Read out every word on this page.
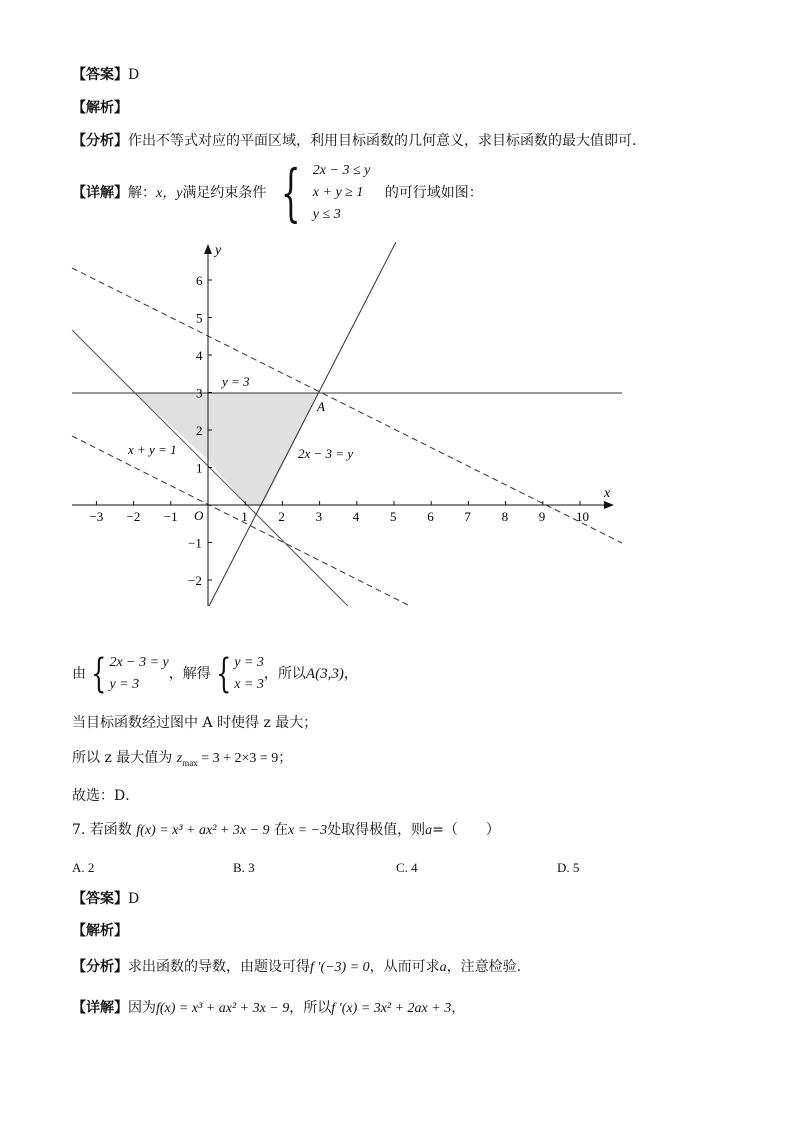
【答案】D
【解析】
【分析】作出不等式对应的平面区域，利用目标函数的几何意义，求目标函数的最大值即可．
【详解】解：x，y满足约束条件 { 2x − 3 ≤ y
x + y ≥ 1
y ≤ 3
的可行域如图：
x
y
O
−3 −2 −1	1 2 3 4 5 6 7 8 9 10
6
5
4
3
2
1
−1
−2
y = 3
x + y = 1	2x − 3 = y
A
由 { 2x − 3 = y
y = 3
，解得 { y = 3
x = 3
，所以A(3,3)，
当目标函数经过图中 A 时使得 z 最大；
所以 z 最大值为 $z_{max} = 3 + 2\times 3 = 9$；
故选：D．
7. 若函数 f(x) = x³ + ax² + 3x − 9 在x = −3处取得极值，则a=（　　）
A. 2	B. 3	C. 4	D. 5
【答案】D
【解析】
【分析】求出函数的导数，由题设可得f ′(−3) = 0，从而可求a，注意检验.
【详解】因为f(x) = x³ + ax² + 3x − 9，所以f ′(x) = 3x² + 2ax + 3，
